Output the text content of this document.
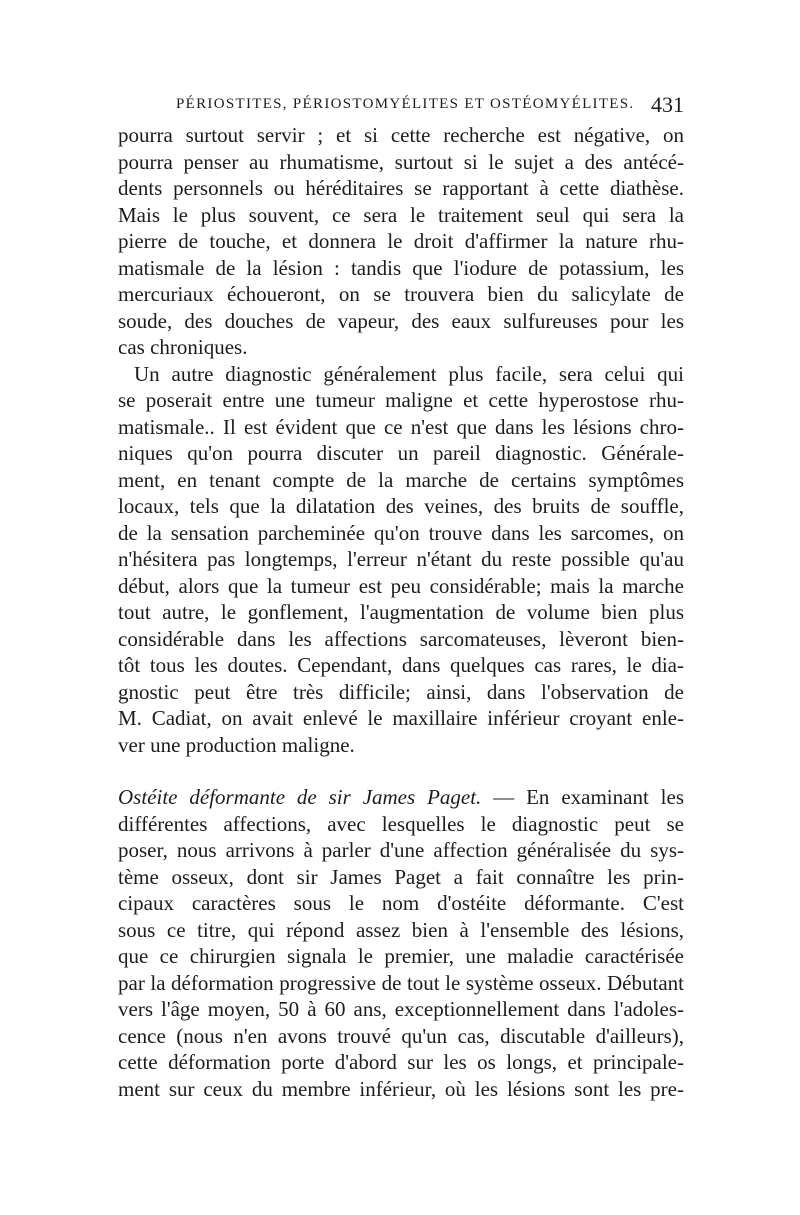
PÉRIOSTITES, PÉRIOSTOMYÉLITES ET OSTÉOMYÉLITES. 431
pourra surtout servir ; et si cette recherche est négative, on
pourra penser au rhumatisme, surtout si le sujet a des antécé-
dents personnels ou héréditaires se rapportant à cette diathèse.
Mais le plus souvent, ce sera le traitement seul qui sera la
pierre de touche, et donnera le droit d'affirmer la nature rhu-
matismale de la lésion : tandis que l'iodure de potassium, les
mercuriaux échoueront, on se trouvera bien du salicylate de
soude, des douches de vapeur, des eaux sulfureuses pour les
cas chroniques.
Un autre diagnostic généralement plus facile, sera celui qui
se poserait entre une tumeur maligne et cette hyperostose rhu-
matismale.. Il est évident que ce n'est que dans les lésions chro-
niques qu'on pourra discuter un pareil diagnostic. Générale-
ment, en tenant compte de la marche de certains symptômes
locaux, tels que la dilatation des veines, des bruits de souffle,
de la sensation parcheminée qu'on trouve dans les sarcomes, on
n'hésitera pas longtemps, l'erreur n'étant du reste possible qu'au
début, alors que la tumeur est peu considérable; mais la marche
tout autre, le gonflement, l'augmentation de volume bien plus
considérable dans les affections sarcomateuses, lèveront bien-
tôt tous les doutes. Cependant, dans quelques cas rares, le dia-
gnostic peut être très difficile; ainsi, dans l'observation de
M. Cadiat, on avait enlevé le maxillaire inférieur croyant enle-
ver une production maligne.
Ostéite déformante de sir James Paget. — En examinant les
différentes affections, avec lesquelles le diagnostic peut se
poser, nous arrivons à parler d'une affection généralisée du sys-
tème osseux, dont sir James Paget a fait connaître les prin-
cipaux caractères sous le nom d'ostéite déformante. C'est
sous ce titre, qui répond assez bien à l'ensemble des lésions,
que ce chirurgien signala le premier, une maladie caractérisée
par la déformation progressive de tout le système osseux. Débutant
vers l'âge moyen, 50 à 60 ans, exceptionnellement dans l'adoles-
cence (nous n'en avons trouvé qu'un cas, discutable d'ailleurs),
cette déformation porte d'abord sur les os longs, et principale-
ment sur ceux du membre inférieur, où les lésions sont les pre-
